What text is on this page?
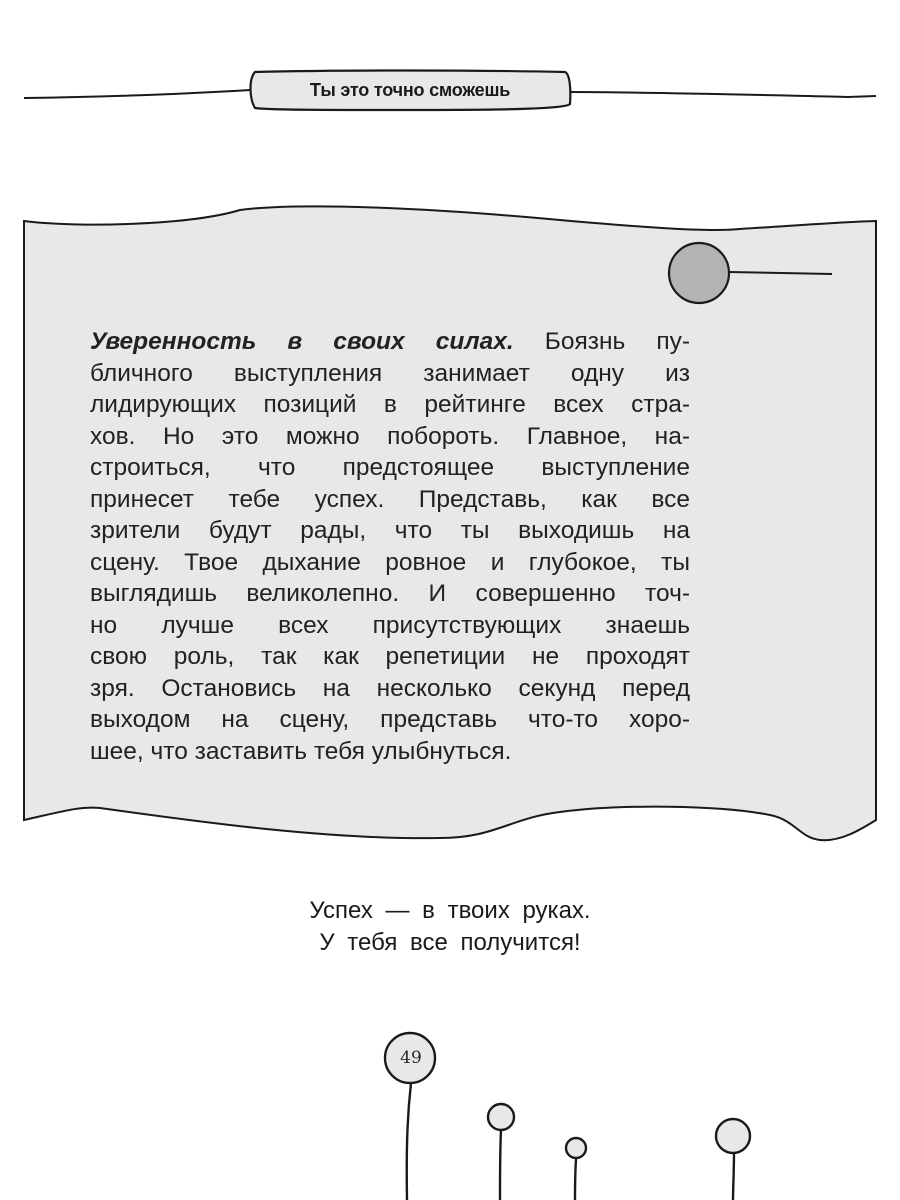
Ты это точно сможешь
Уверенность в своих силах. Боязнь пу-
бличного выступления занимает одну из
лидирующих позиций в рейтинге всех стра-
хов. Но это можно побороть. Главное, на-
строиться, что предстоящее выступление
принесет тебе успех. Представь, как все
зрители будут рады, что ты выходишь на
сцену. Твое дыхание ровное и глубокое, ты
выглядишь великолепно. И совершенно точ-
но лучше всех присутствующих знаешь
свою роль, так как репетиции не проходят
зря. Остановись на несколько секунд перед
выходом на сцену, представь что-то хоро-
шее, что заставить тебя улыбнуться.
Успех — в твоих руках.
У тебя все получится!
49
